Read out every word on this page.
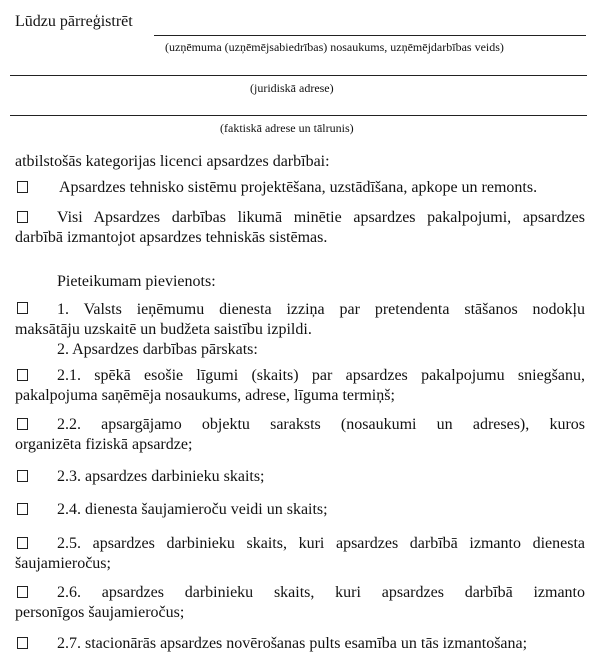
Lūdzu pārreģistrēt
(uzņēmuma (uzņēmējsabiedrības) nosaukums, uzņēmējdarbības veids)
(juridiskā adrese)
(faktiskā adrese un tālrunis)
atbilstošās kategorijas licenci apsardzes darbībai:
Apsardzes tehnisko sistēmu projektēšana, uzstādīšana, apkope un remonts.
Visi Apsardzes darbības likumā minētie apsardzes pakalpojumi, apsardzes
darbībā izmantojot apsardzes tehniskās sistēmas.
Pieteikumam pievienots:
1. Valsts ieņēmumu dienesta izziņa par pretendenta stāšanos nodokļu
maksātāju uzskaitē un budžeta saistību izpildi.
2. Apsardzes darbības pārskats:
2.1. spēkā esošie līgumi (skaits) par apsardzes pakalpojumu sniegšanu,
pakalpojuma saņēmēja nosaukums, adrese, līguma termiņš;
2.2. apsargājamo objektu saraksts (nosaukumi un adreses), kuros
organizēta fiziskā apsardze;
2.3. apsardzes darbinieku skaits;
2.4. dienesta šaujamieroču veidi un skaits;
2.5. apsardzes darbinieku skaits, kuri apsardzes darbībā izmanto dienesta
šaujamieročus;
2.6. apsardzes darbinieku skaits, kuri apsardzes darbībā izmanto
personīgos šaujamieročus;
2.7. stacionārās apsardzes novērošanas pults esamība un tās izmantošana;
